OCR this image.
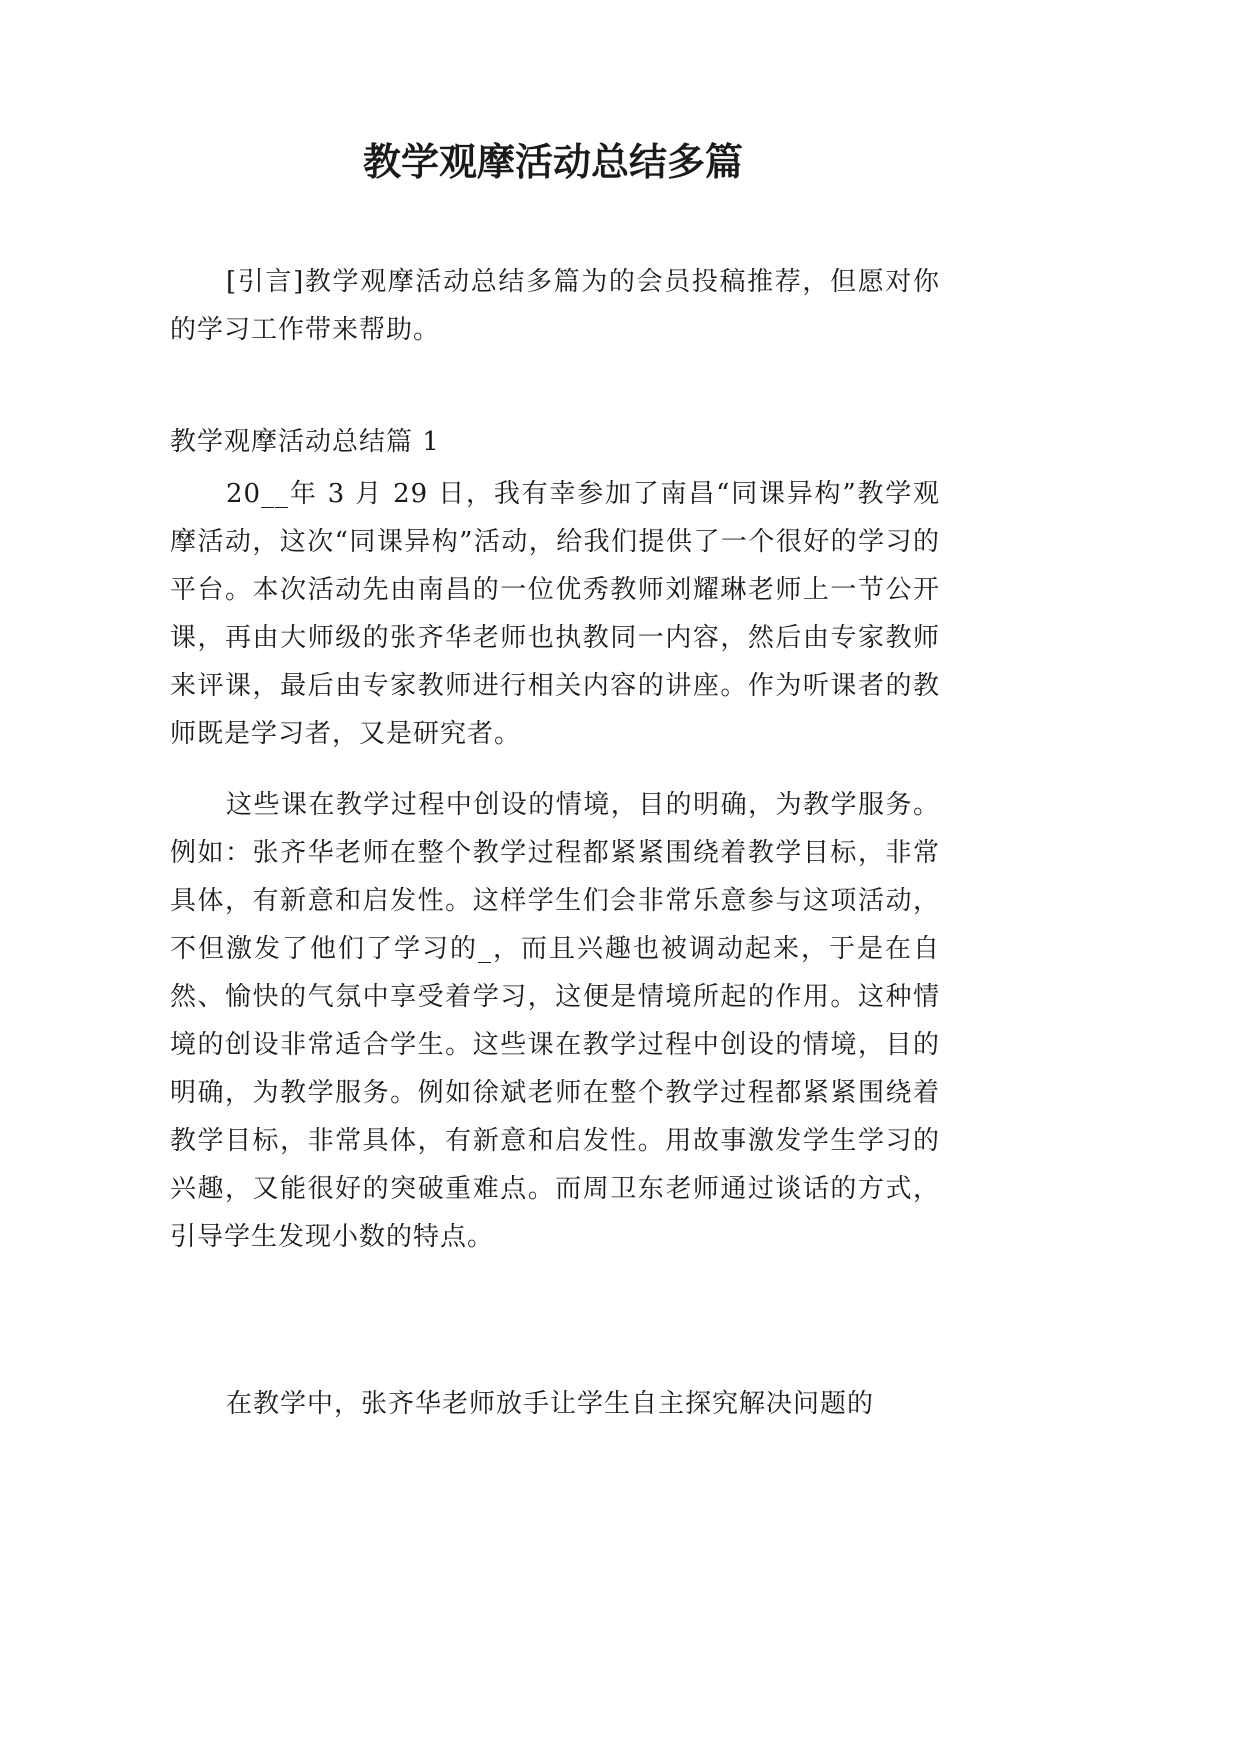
教学观摩活动总结多篇

[引言]教学观摩活动总结多篇为的会员投稿推荐，但愿对你的学习工作带来帮助。

教学观摩活动总结篇 1

20__年 3 月 29 日，我有幸参加了南昌“同课异构”教学观摩活动，这次“同课异构”活动，给我们提供了一个很好的学习的平台。本次活动先由南昌的一位优秀教师刘耀琳老师上一节公开课，再由大师级的张齐华老师也执教同一内容，然后由专家教师来评课，最后由专家教师进行相关内容的讲座。作为听课者的教师既是学习者，又是研究者。

这些课在教学过程中创设的情境，目的明确，为教学服务。例如：张齐华老师在整个教学过程都紧紧围绕着教学目标，非常具体，有新意和启发性。这样学生们会非常乐意参与这项活动，不但激发了他们了学习的_，而且兴趣也被调动起来，于是在自然、愉快的气氛中享受着学习，这便是情境所起的作用。这种情境的创设非常适合学生。这些课在教学过程中创设的情境，目的明确，为教学服务。例如徐斌老师在整个教学过程都紧紧围绕着教学目标，非常具体，有新意和启发性。用故事激发学生学习的兴趣，又能很好的突破重难点。而周卫东老师通过谈话的方式，引导学生发现小数的特点。

在教学中，张齐华老师放手让学生自主探究解决问题的
